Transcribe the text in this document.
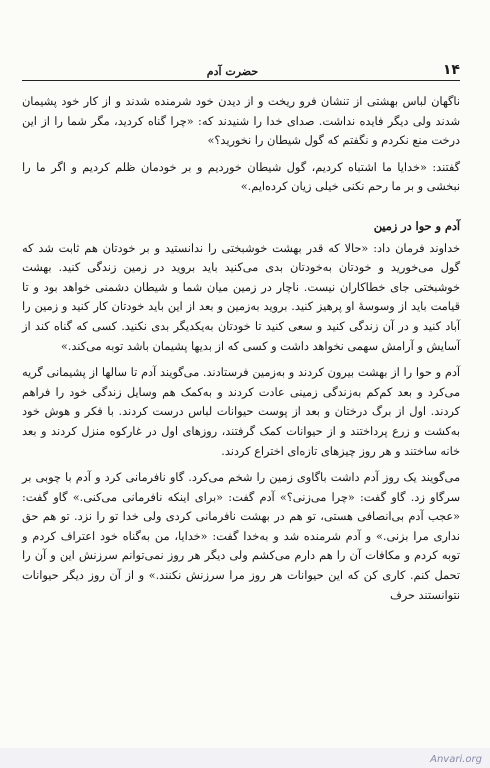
حضرت آدم	۱۴

ناگهان لباس بهشتی از تنشان فرو ریخت و از دیدن خود شرمنده شدند و از کار خود پشیمان شدند ولی دیگر فایده نداشت. صدای خدا را شنیدند که: «چرا گناه کردید، مگر شما را از این درخت منع نکردم و نگفتم که گول شیطان را نخورید؟»

گفتند: «خدایا ما اشتباه کردیم، گول شیطان خوردیم و بر خودمان ظلم کردیم و اگر ما را نبخشی و بر ما رحم نکنی خیلی زیان کرده‌ایم.»

آدم و حوا در زمین

خداوند فرمان داد: «حالا که قدر بهشت خوشبختی را ندانستید و بر خودتان هم ثابت شد که گول می‌خورید و خودتان به‌خودتان بدی می‌کنید باید بروید در زمین زندگی کنید. بهشت خوشبختی جای خطاکاران نیست. ناچار در زمین میان شما و شیطان دشمنی خواهد بود و تا قیامت باید از وسوسهٔ او پرهیز کنید. بروید به‌زمین و بعد از این باید خودتان کار کنید و زمین را آباد کنید و در آن زندگی کنید و سعی کنید تا خودتان به‌یکدیگر بدی نکنید. کسی که گناه کند از آسایش و آرامش سهمی نخواهد داشت و کسی که از بدیها پشیمان باشد توبه می‌کند.»

آدم و حوا را از بهشت بیرون کردند و به‌زمین فرستادند. می‌گویند آدم تا سالها از پشیمانی گریه می‌کرد و بعد کم‌کم به‌زندگی زمینی عادت کردند و به‌کمک هم وسایل زندگی خود را فراهم کردند. اول از برگ درختان و بعد از پوست حیوانات لباس درست کردند. با فکر و هوش خود به‌کشت و زرع پرداختند و از حیوانات کمک گرفتند، روزهای اول در غارکوه منزل کردند و بعد خانه ساختند و هر روز چیزهای تازه‌ای اختراع کردند.

می‌گویند یک روز آدم داشت باگاوی زمین را شخم می‌کرد. گاو نافرمانی کرد و آدم با چوبی بر سرگاو زد. گاو گفت: «چرا می‌زنی؟» آدم گفت: «برای اینکه نافرمانی می‌کنی.» گاو گفت: «عجب آدم بی‌انصافی هستی، تو هم در بهشت نافرمانی کردی ولی خدا تو را نزد. تو هم حق نداری مرا بزنی.» و آدم شرمنده شد و به‌خدا گفت: «خدایا، من به‌گناه خود اعتراف کردم و توبه کردم و مکافات آن را هم دارم می‌کشم ولی دیگر هر روز نمی‌توانم سرزنش این و آن را تحمل کنم. کاری کن که این حیوانات هر روز مرا سرزنش نکنند.» و از آن روز دیگر حیوانات نتوانستند حرف

Anvari.org
